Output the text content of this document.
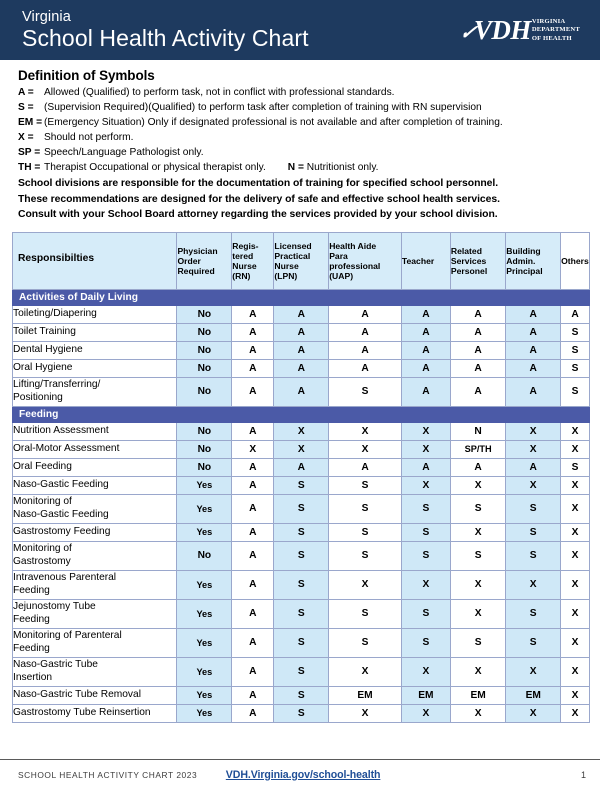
Virginia
School Health Activity Chart	✓VDH VIRGINIA
DEPARTMENT
OF HEALTH
Definition of Symbols
A =	Allowed (Qualified) to perform task, not in conflict with professional standards.
S =	(Supervision Required)(Qualified) to perform task after completion of training with RN supervision
EM = (Emergency Situation) Only if designated professional is not available and after completion of training.
X =	Should not perform.
SP = Speech/Language Pathologist only.
TH = Therapist Occupational or physical therapist only. N = Nutritionist only.
School divisions are responsible for the documentation of training for specified school personnel.
These recommendations are designed for the delivery of safe and effective school health services.
Consult with your School Board attorney regarding the services provided by your school division.
Responsibilties	Physician
Order
Required	Regis-
tered
Nurse
(RN)	Licensed
Practical
Nurse
(LPN)	Health Aide
Para
professional
(UAP)	Teacher	Related
Services
Personel	Building
Admin.
Principal	Others
Activities of Daily Living								
Toileting/Diapering	No	A	A	A	A	A	A	A
Toilet Training	No	A	A	A	A	A	A	S
Dental Hygiene	No	A	A	A	A	A	A	S
Oral Hygiene	No	A	A	A	A	A	A	S
Lifting/Transferring/
Positioning	No	A	A	S	A	A	A	S
Feeding								
Nutrition Assessment	No	A	X	X	X	N	X	X
Oral-Motor Assessment	No	X	X	X	X	SP/TH	X	X
Oral Feeding	No	A	A	A	A	A	A	S
Naso-Gastic Feeding	Yes	A	S	S	X	X	X	X
Monitoring of
Naso-Gastic Feeding	Yes	A	S	S	S	S	S	X
Gastrostomy Feeding	Yes	A	S	S	S	X	S	X
Monitoring of
Gastrostomy	No	A	S	S	S	S	S	X
Intravenous Parenteral
Feeding	Yes	A	S	X	X	X	X	X
Jejunostomy Tube
Feeding	Yes	A	S	S	S	X	S	X
Monitoring of Parenteral
Feeding	Yes	A	S	S	S	S	S	X
Naso-Gastric Tube
Insertion	Yes	A	S	X	X	X	X	X
Naso-Gastric Tube Removal	Yes	A	S	EM	EM	EM	EM	X
Gastrostomy Tube Reinsertion	Yes	A	S	X	X	X	X	X
SCHOOL HEALTH ACTIVITY CHART 2023	VDH.Virginia.gov/school-health	1
